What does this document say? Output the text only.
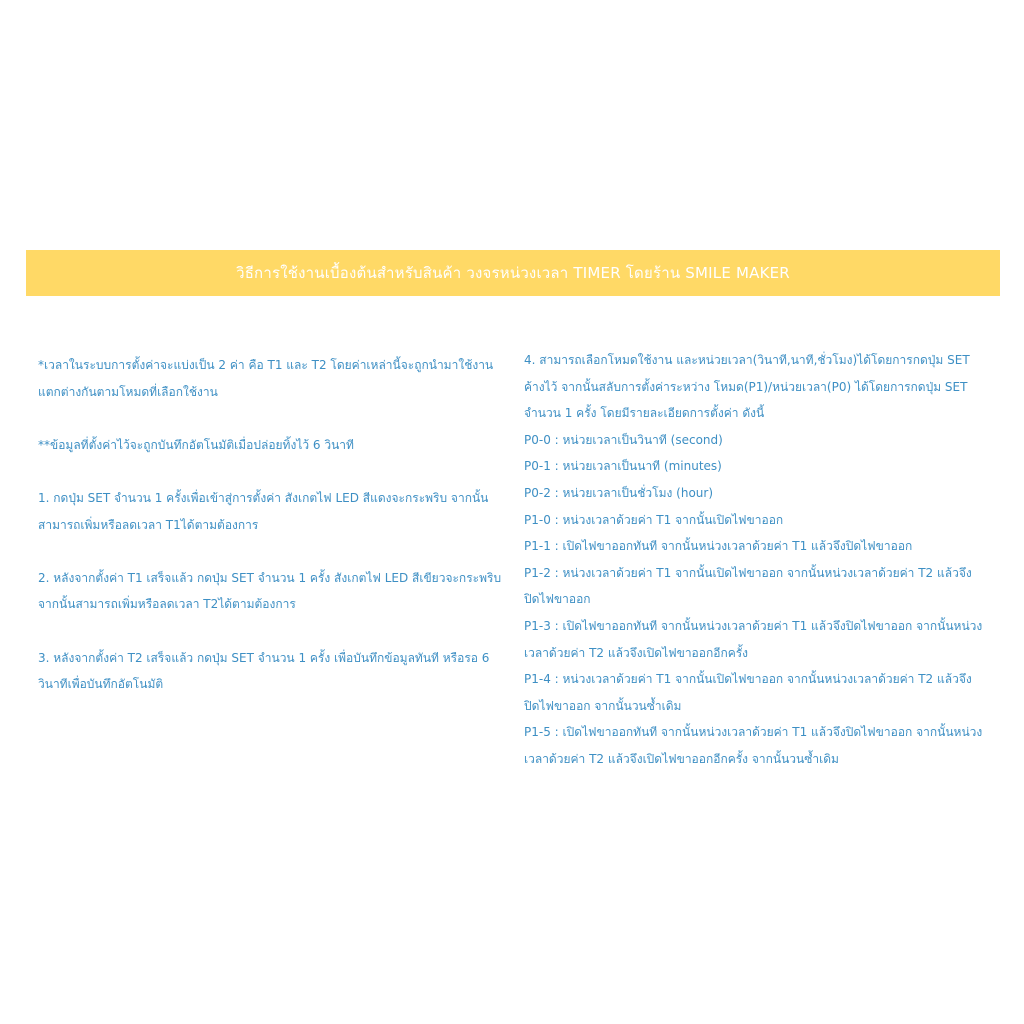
วิธีการใช้งานเบื้องต้นสำหรับสินค้า วงจรหน่วงเวลา TIMER โดยร้าน SMILE MAKER

*เวลาในระบบการตั้งค่าจะแบ่งเป็น 2 ค่า คือ T1 และ T2 โดยค่าเหล่านี้จะถูกนำมาใช้งานแตกต่างกันตามโหมดที่เลือกใช้งาน

**ข้อมูลที่ตั้งค่าไว้จะถูกบันทึกอัตโนมัติเมื่อปล่อยทิ้งไว้ 6 วินาที

1. กดปุ่ม SET จำนวน 1 ครั้งเพื่อเข้าสู่การตั้งค่า สังเกตไฟ LED สีแดงจะกระพริบ จากนั้นสามารถเพิ่มหรือลดเวลา T1ได้ตามต้องการ

2. หลังจากตั้งค่า T1 เสร็จแล้ว กดปุ่ม SET จำนวน 1 ครั้ง สังเกตไฟ LED สีเขียวจะกระพริบ จากนั้นสามารถเพิ่มหรือลดเวลา T2ได้ตามต้องการ

3. หลังจากตั้งค่า T2 เสร็จแล้ว กดปุ่ม SET จำนวน 1 ครั้ง เพื่อบันทึกข้อมูลทันที หรือรอ 6 วินาทีเพื่อบันทึกอัตโนมัติ

4. สามารถเลือกโหมดใช้งาน และหน่วยเวลา(วินาที,นาที,ชั่วโมง)ได้โดยการกดปุ่ม SET ค้างไว้ จากนั้นสลับการตั้งค่าระหว่าง โหมด(P1)/หน่วยเวลา(P0) ได้โดยการกดปุ่ม SET จำนวน 1 ครั้ง โดยมีรายละเอียดการตั้งค่า ดังนี้

P0-0 : หน่วยเวลาเป็นวินาที (second)

P0-1 : หน่วยเวลาเป็นนาที (minutes)

P0-2 : หน่วยเวลาเป็นชั่วโมง (hour)

P1-0 : หน่วงเวลาด้วยค่า T1 จากนั้นเปิดไฟขาออก

P1-1 : เปิดไฟขาออกทันที จากนั้นหน่วงเวลาด้วยค่า T1 แล้วจึงปิดไฟขาออก

P1-2 : หน่วงเวลาด้วยค่า T1 จากนั้นเปิดไฟขาออก จากนั้นหน่วงเวลาด้วยค่า T2 แล้วจึงปิดไฟขาออก

P1-3 : เปิดไฟขาออกทันที จากนั้นหน่วงเวลาด้วยค่า T1 แล้วจึงปิดไฟขาออก จากนั้นหน่วงเวลาด้วยค่า T2 แล้วจึงเปิดไฟขาออกอีกครั้ง

P1-4 : หน่วงเวลาด้วยค่า T1 จากนั้นเปิดไฟขาออก จากนั้นหน่วงเวลาด้วยค่า T2 แล้วจึงปิดไฟขาออก จากนั้นวนซ้ำเดิม

P1-5 : เปิดไฟขาออกทันที จากนั้นหน่วงเวลาด้วยค่า T1 แล้วจึงปิดไฟขาออก จากนั้นหน่วงเวลาด้วยค่า T2 แล้วจึงเปิดไฟขาออกอีกครั้ง จากนั้นวนซ้ำเดิม
